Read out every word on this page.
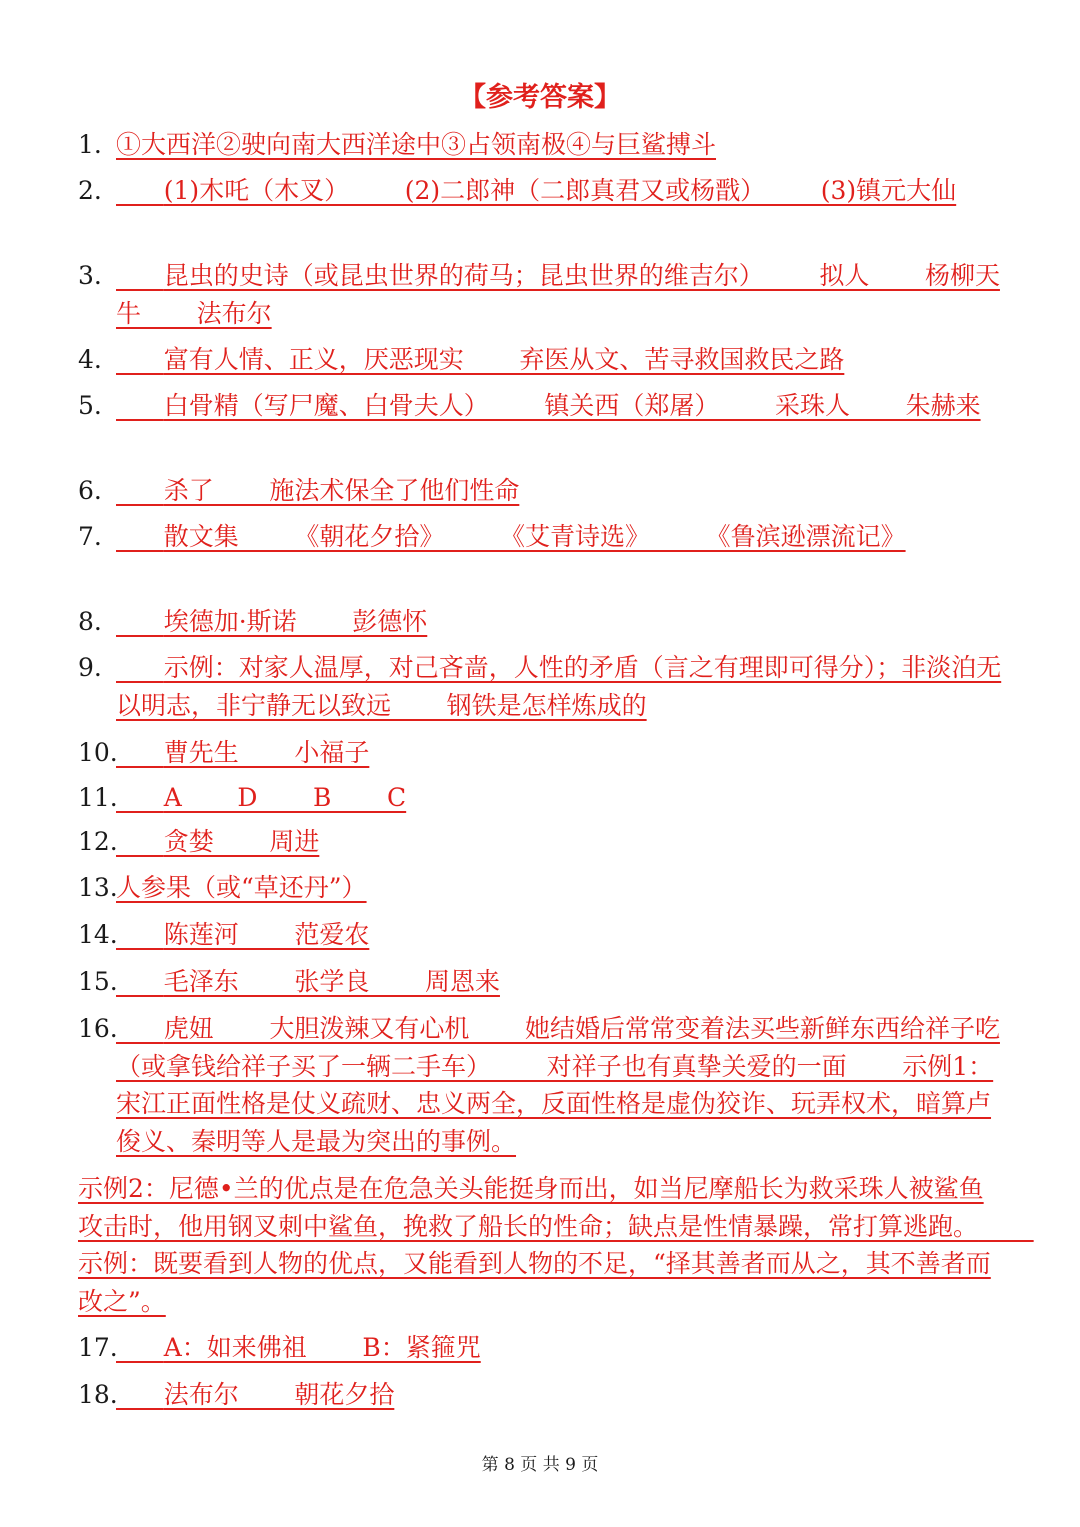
【参考答案】
1. ①大西洋②驶向南大西洋途中③占领南极④与巨鲨搏斗
2. (1)木吒（木叉）       (2)二郎神（二郎真君又或杨戬）       (3)镇元大仙
3. 昆虫的史诗（或昆虫世界的荷马；昆虫世界的维吉尔）       拟人       杨柳天牛       法布尔
4. 富有人情、正义，厌恶现实       弃医从文、苦寻救国救民之路
5. 白骨精（写尸魔、白骨夫人）       镇关西（郑屠）       采珠人       朱赫来
6. 杀了       施法术保全了他们性命
7. 散文集       《朝花夕拾》       《艾青诗选》       《鲁滨逊漂流记》
8. 埃德加·斯诺       彭德怀
9. 示例：对家人温厚，对己吝啬，人性的矛盾（言之有理即可得分）；非淡泊无以明志，非宁静无以致远       钢铁是怎样炼成的
10.
曹先生       小福子
11.
A       D       B       C
12.
贪婪       周进
13.
人参果（或“草还丹”）
14.
陈莲河       范爱农
15.
毛泽东       张学良       周恩来
16.
虎妞       大胆泼辣又有心机       她结婚后常常变着法买些新鲜东西给祥子吃（或拿钱给祥子买了一辆二手车）       对祥子也有真挚关爱的一面       示例1：宋江正面性格是仗义疏财、忠义两全，反面性格是虚伪狡诈、玩弄权术，暗算卢俊义、秦明等人是最为突出的事例。
示例2：尼德•兰的优点是在危急关头能挺身而出，如当尼摩船长为救采珠人被鲨鱼攻击时，他用钢叉刺中鲨鱼，挽救了船长的性命；缺点是性情暴躁，常打算逃跑。       示例：既要看到人物的优点，又能看到人物的不足，“择其善者而从之，其不善者而改之”。
17.
A：如来佛祖       B：紧箍咒
18.
法布尔       朝花夕拾
第 8 页 共 9 页
